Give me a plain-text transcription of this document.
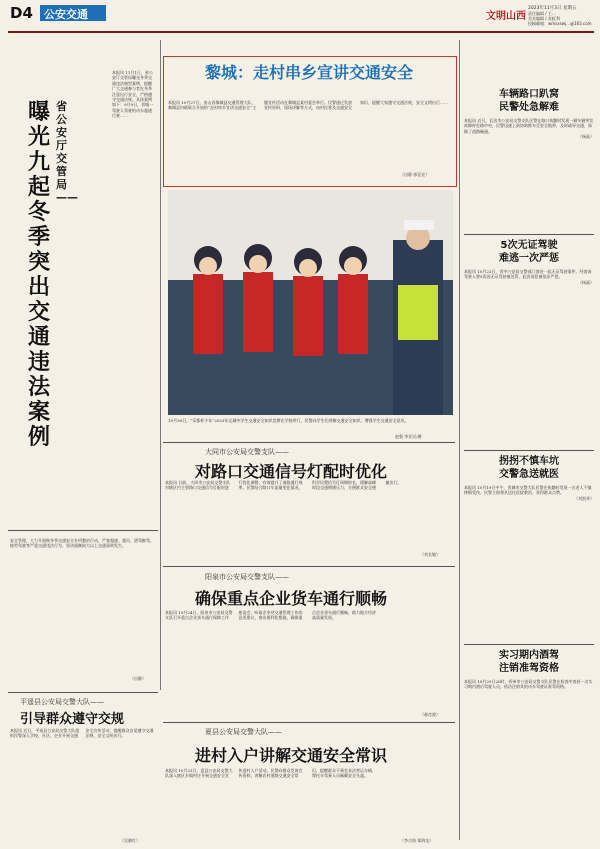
D4 公安交通	文明山西
2023年11月3日 星期五
责任编辑 / 王…
美术编辑 / 苏虹利
投稿邮箱：wmsxswj…@163.com
本报讯 11月1日，省公安厅交管局曝光冬季交通违法典型案例，提醒广大交通参与者在冬季注意出行安全，严格遵守交通法规。具体案例如下：9月9日，晋城一驾驶人驾驶机动车超速行驶……
省公安厅交管局——
曝光九起冬季突出交通违法案例
安全管理，大力开展秋冬季交通安全专项整治行动，严查超速、超员、酒驾醉驾、疲劳驾驶等严重交通违法行为，坚决遏制较大以上交通事故发生。
（田静）
黎城：走村串乡宣讲交通安全
本报讯 10月27日，由山西黎城县交通管理大队、黎城县妇联联合开展的“走村串乡宣讲交通安全”主题宣传活动在黎城县某村委会举行。民警通过发放宣传资料、现场讲解等方式，向村民普及交通安全知识，提醒大家遵守交通法规，安全文明出行……
（田静 郭廷宏）
10月30日，“乐都杯少年”2023年运城中学生交通安全知识竞赛在学校举行，民警向学生们讲解交通安全知识，增强学生交通安全意识。
赵强 李亚民/摄
大同市公安局交警支队——
对路口交通信号灯配时优化
本报讯 日前，大同市公安局交警支队对辖区内主要路口交通信号灯配时进行优化调整，有效提升了道路通行效率。民警结合路口车流量变化情况，科学设置信号灯周期时长，缓解高峰时段交通拥堵压力，方便群众安全便捷出行。
（刘长敏）
阳泉市公安局交警支队——
确保重点企业货车通行顺畅
本报讯 10月24日，阳泉市公安局交警支队召开重点企业货车通行保障工作座谈会，听取企业对交通管理工作的意见建议，推出便利化措施，确保重点企业货车通行顺畅，助力地方经济高质量发展。
（郝彦波）
夏县公安局交警大队——
进村入户讲解交通安全常识
本报讯 10月23日，夏县公安局交警大队深入辖区乡镇村庄开展交通安全宣传进村入户活动。民警向群众发放宣传资料，讲解农村道路交通安全常识，提醒群众不乘坐非法营运车辆，摩托车驾乘人员佩戴安全头盔。
（李吉海 郑海龙）
平遥县公安局交警大队——
引导群众遵守交规
本报讯 近日，平遥县公安局交警大队组织民警深入学校、社区、企业开展交通安全宣传活动，提醒群众自觉遵守交通法规，安全文明出行。
（吴晓红）
车辆路口趴窝
民警处急解难
本报讯 近日，长治市公安局交警支队民警在路口执勤时发现一辆车辆突发故障停在路中央，民警迅速上前协助推车至安全地带，及时疏导交通，保障了道路畅通。
（杨磊）
5次无证驾驶
难逃一次严惩
本报讯 10月23日，晋中公安局交警部门查处一起无证驾驶案件，经查该驾驶人曾5次因无证驾驶被处罚，此次再犯被依法严惩。
（杨磊）
拐拐不慎车坑
交警急送就医
本报讯 10月19日中午，晋城市交警大队民警在执勤时发现一名老人不慎摔倒受伤，民警立即将其送往医院救治，获得群众点赞。
（刘凯华）
实习期内酒驾
注销准驾资格
本报讯 10月29日20时，忻州市公安局交警支队民警在检查中查获一名实习期内酒后驾驶人员，依法注销其机动车驾驶证准驾资格。
